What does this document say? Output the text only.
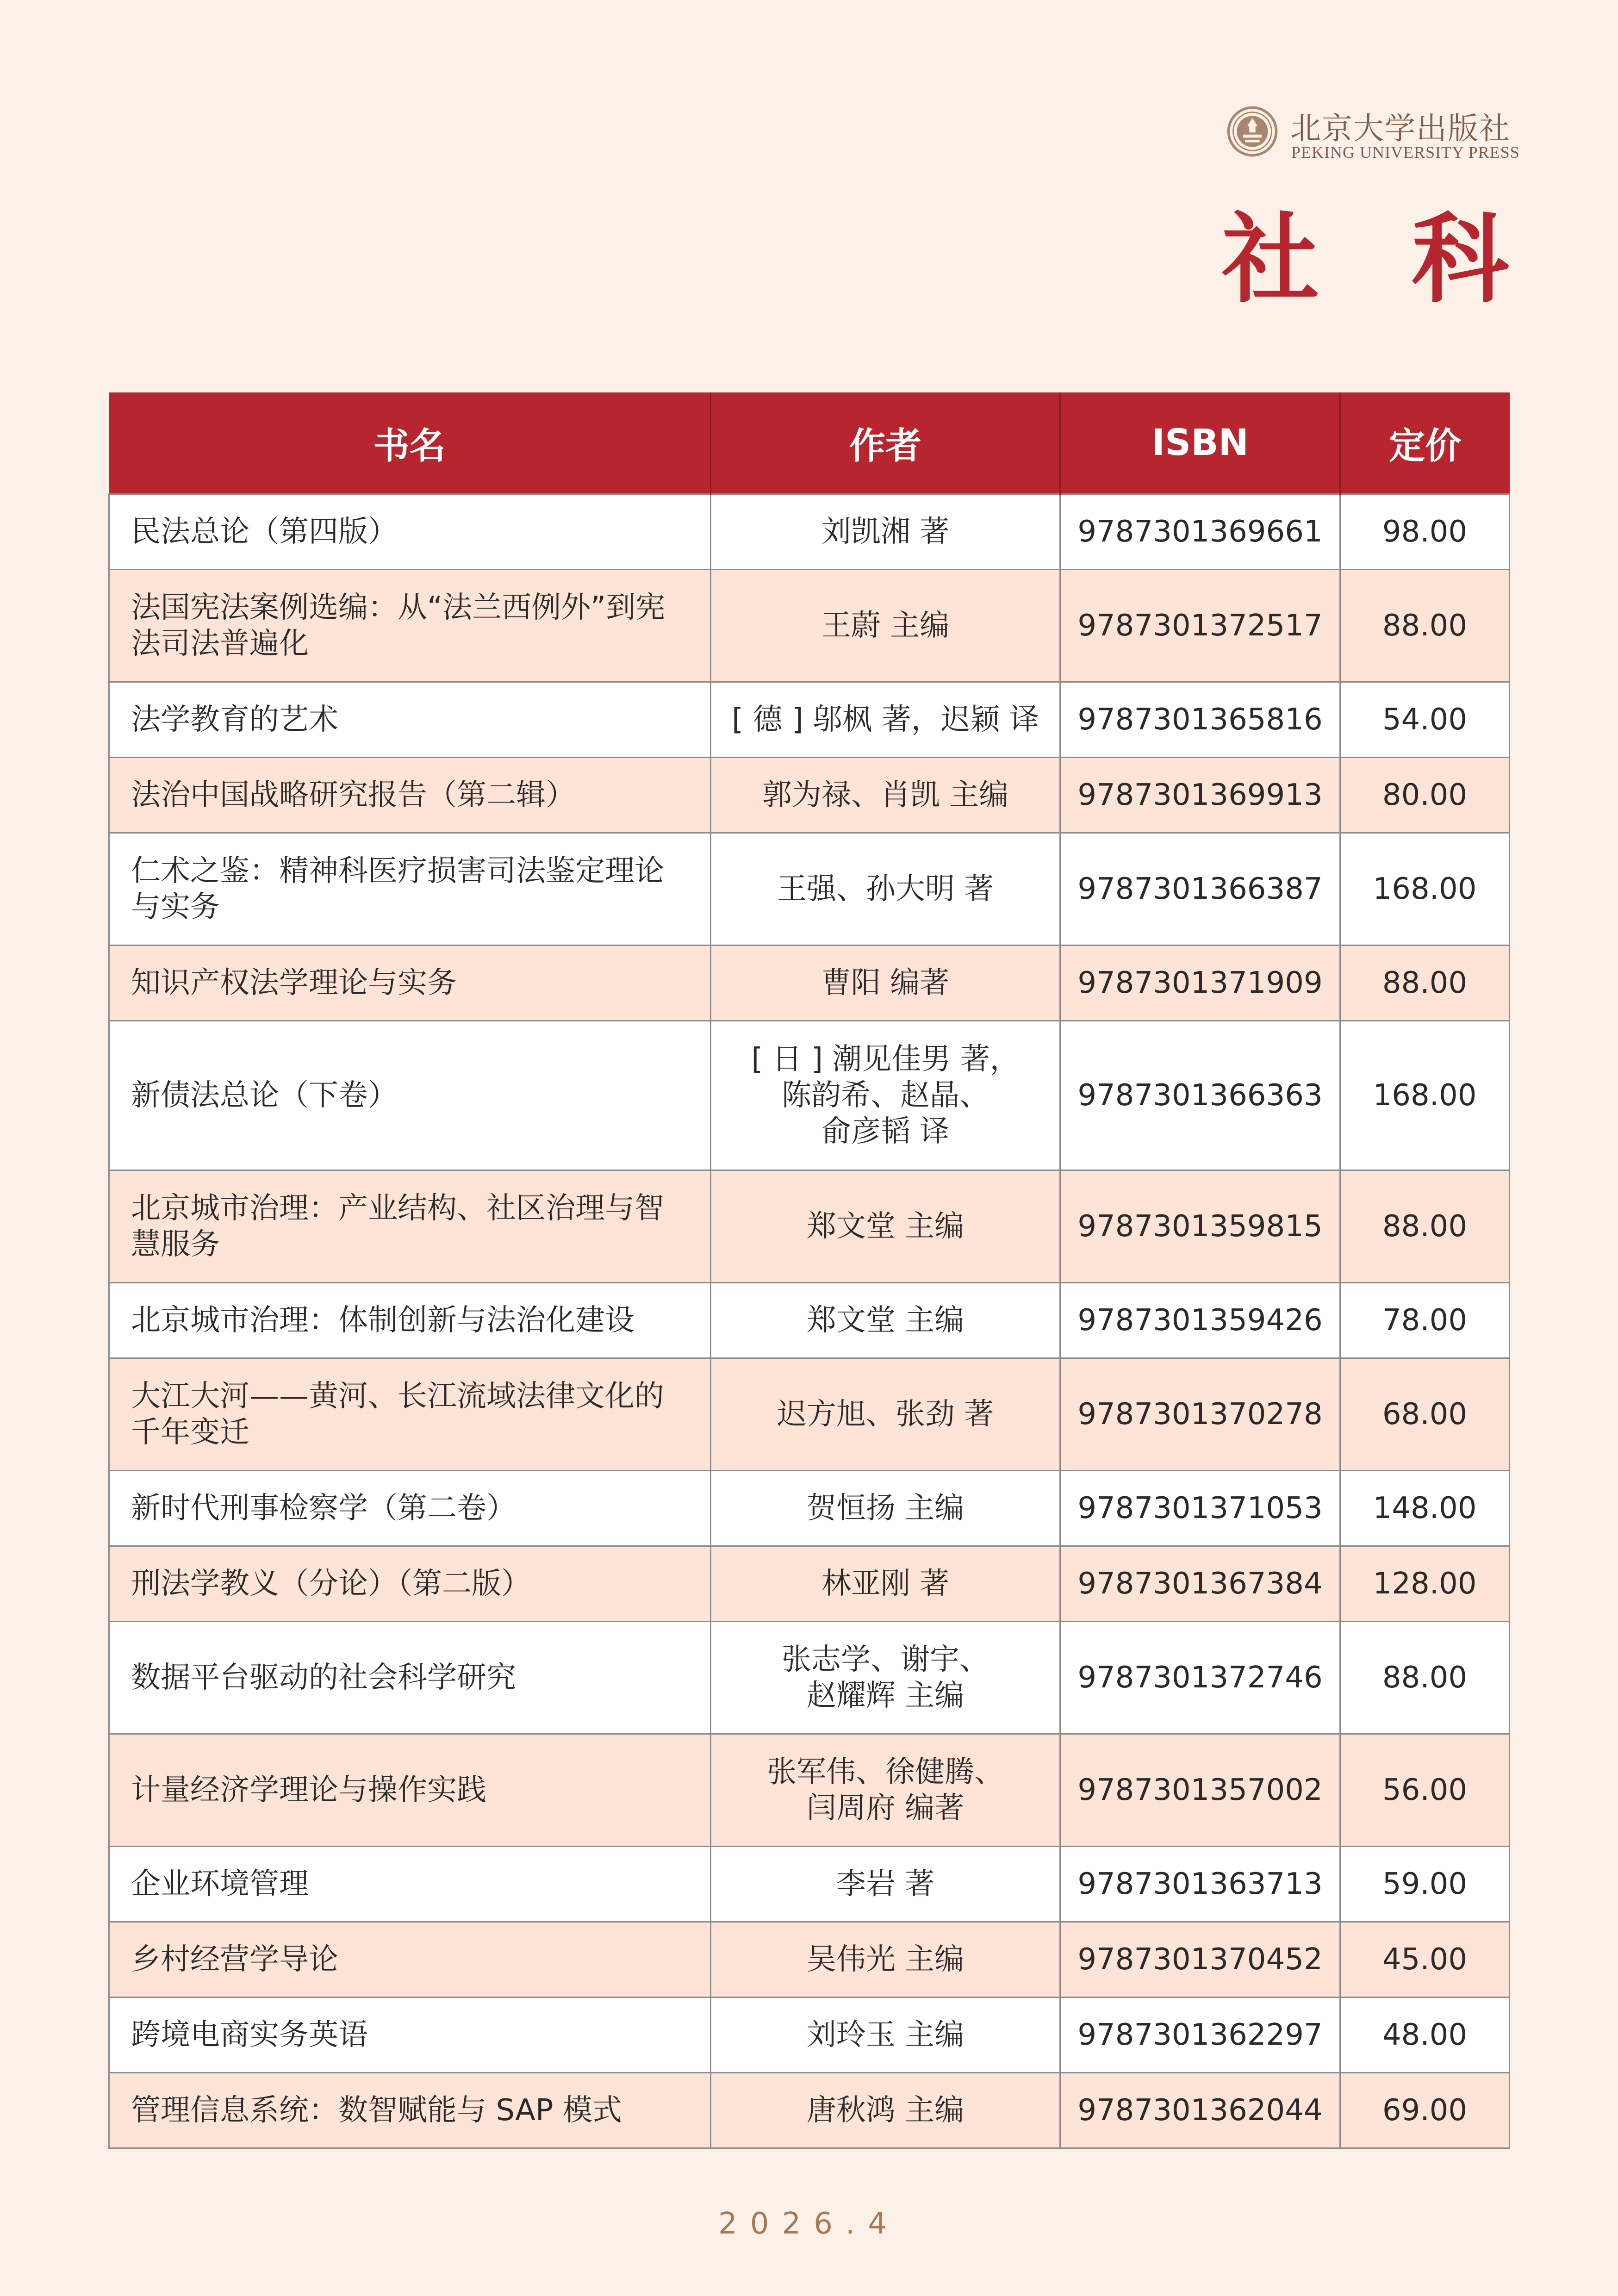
北京大学出版社
PEKING UNIVERSITY PRESS
社科
书名	作者	ISBN	定价
民法总论（第四版）	刘凯湘 著	9787301369661	98.00
法国宪法案例选编：从“法兰西例外”到宪法司法普遍化	王蔚 主编	9787301372517	88.00
法学教育的艺术	[ 德 ] 邬枫 著，迟颖 译	9787301365816	54.00
法治中国战略研究报告（第二辑）	郭为禄、肖凯 主编	9787301369913	80.00
仁术之鉴：精神科医疗损害司法鉴定理论与实务	王强、孙大明 著	9787301366387	168.00
知识产权法学理论与实务	曹阳 编著	9787301371909	88.00
新债法总论（下卷）	[ 日 ] 潮见佳男 著，
陈韵希、赵晶、
俞彦韬 译	9787301366363	168.00
北京城市治理：产业结构、社区治理与智慧服务	郑文堂 主编	9787301359815	88.00
北京城市治理：体制创新与法治化建设	郑文堂 主编	9787301359426	78.00
大江大河——黄河、长江流域法律文化的千年变迁	迟方旭、张劲 著	9787301370278	68.00
新时代刑事检察学（第二卷）	贺恒扬 主编	9787301371053	148.00
刑法学教义（分论）（第二版）	林亚刚 著	9787301367384	128.00
数据平台驱动的社会科学研究	张志学、谢宇、
赵耀辉 主编	9787301372746	88.00
计量经济学理论与操作实践	张军伟、徐健腾、
闫周府 编著	9787301357002	56.00
企业环境管理	李岩 著	9787301363713	59.00
乡村经营学导论	吴伟光 主编	9787301370452	45.00
跨境电商实务英语	刘玲玉 主编	9787301362297	48.00
管理信息系统：数智赋能与 SAP 模式	唐秋鸿 主编	9787301362044	69.00
2026.4
